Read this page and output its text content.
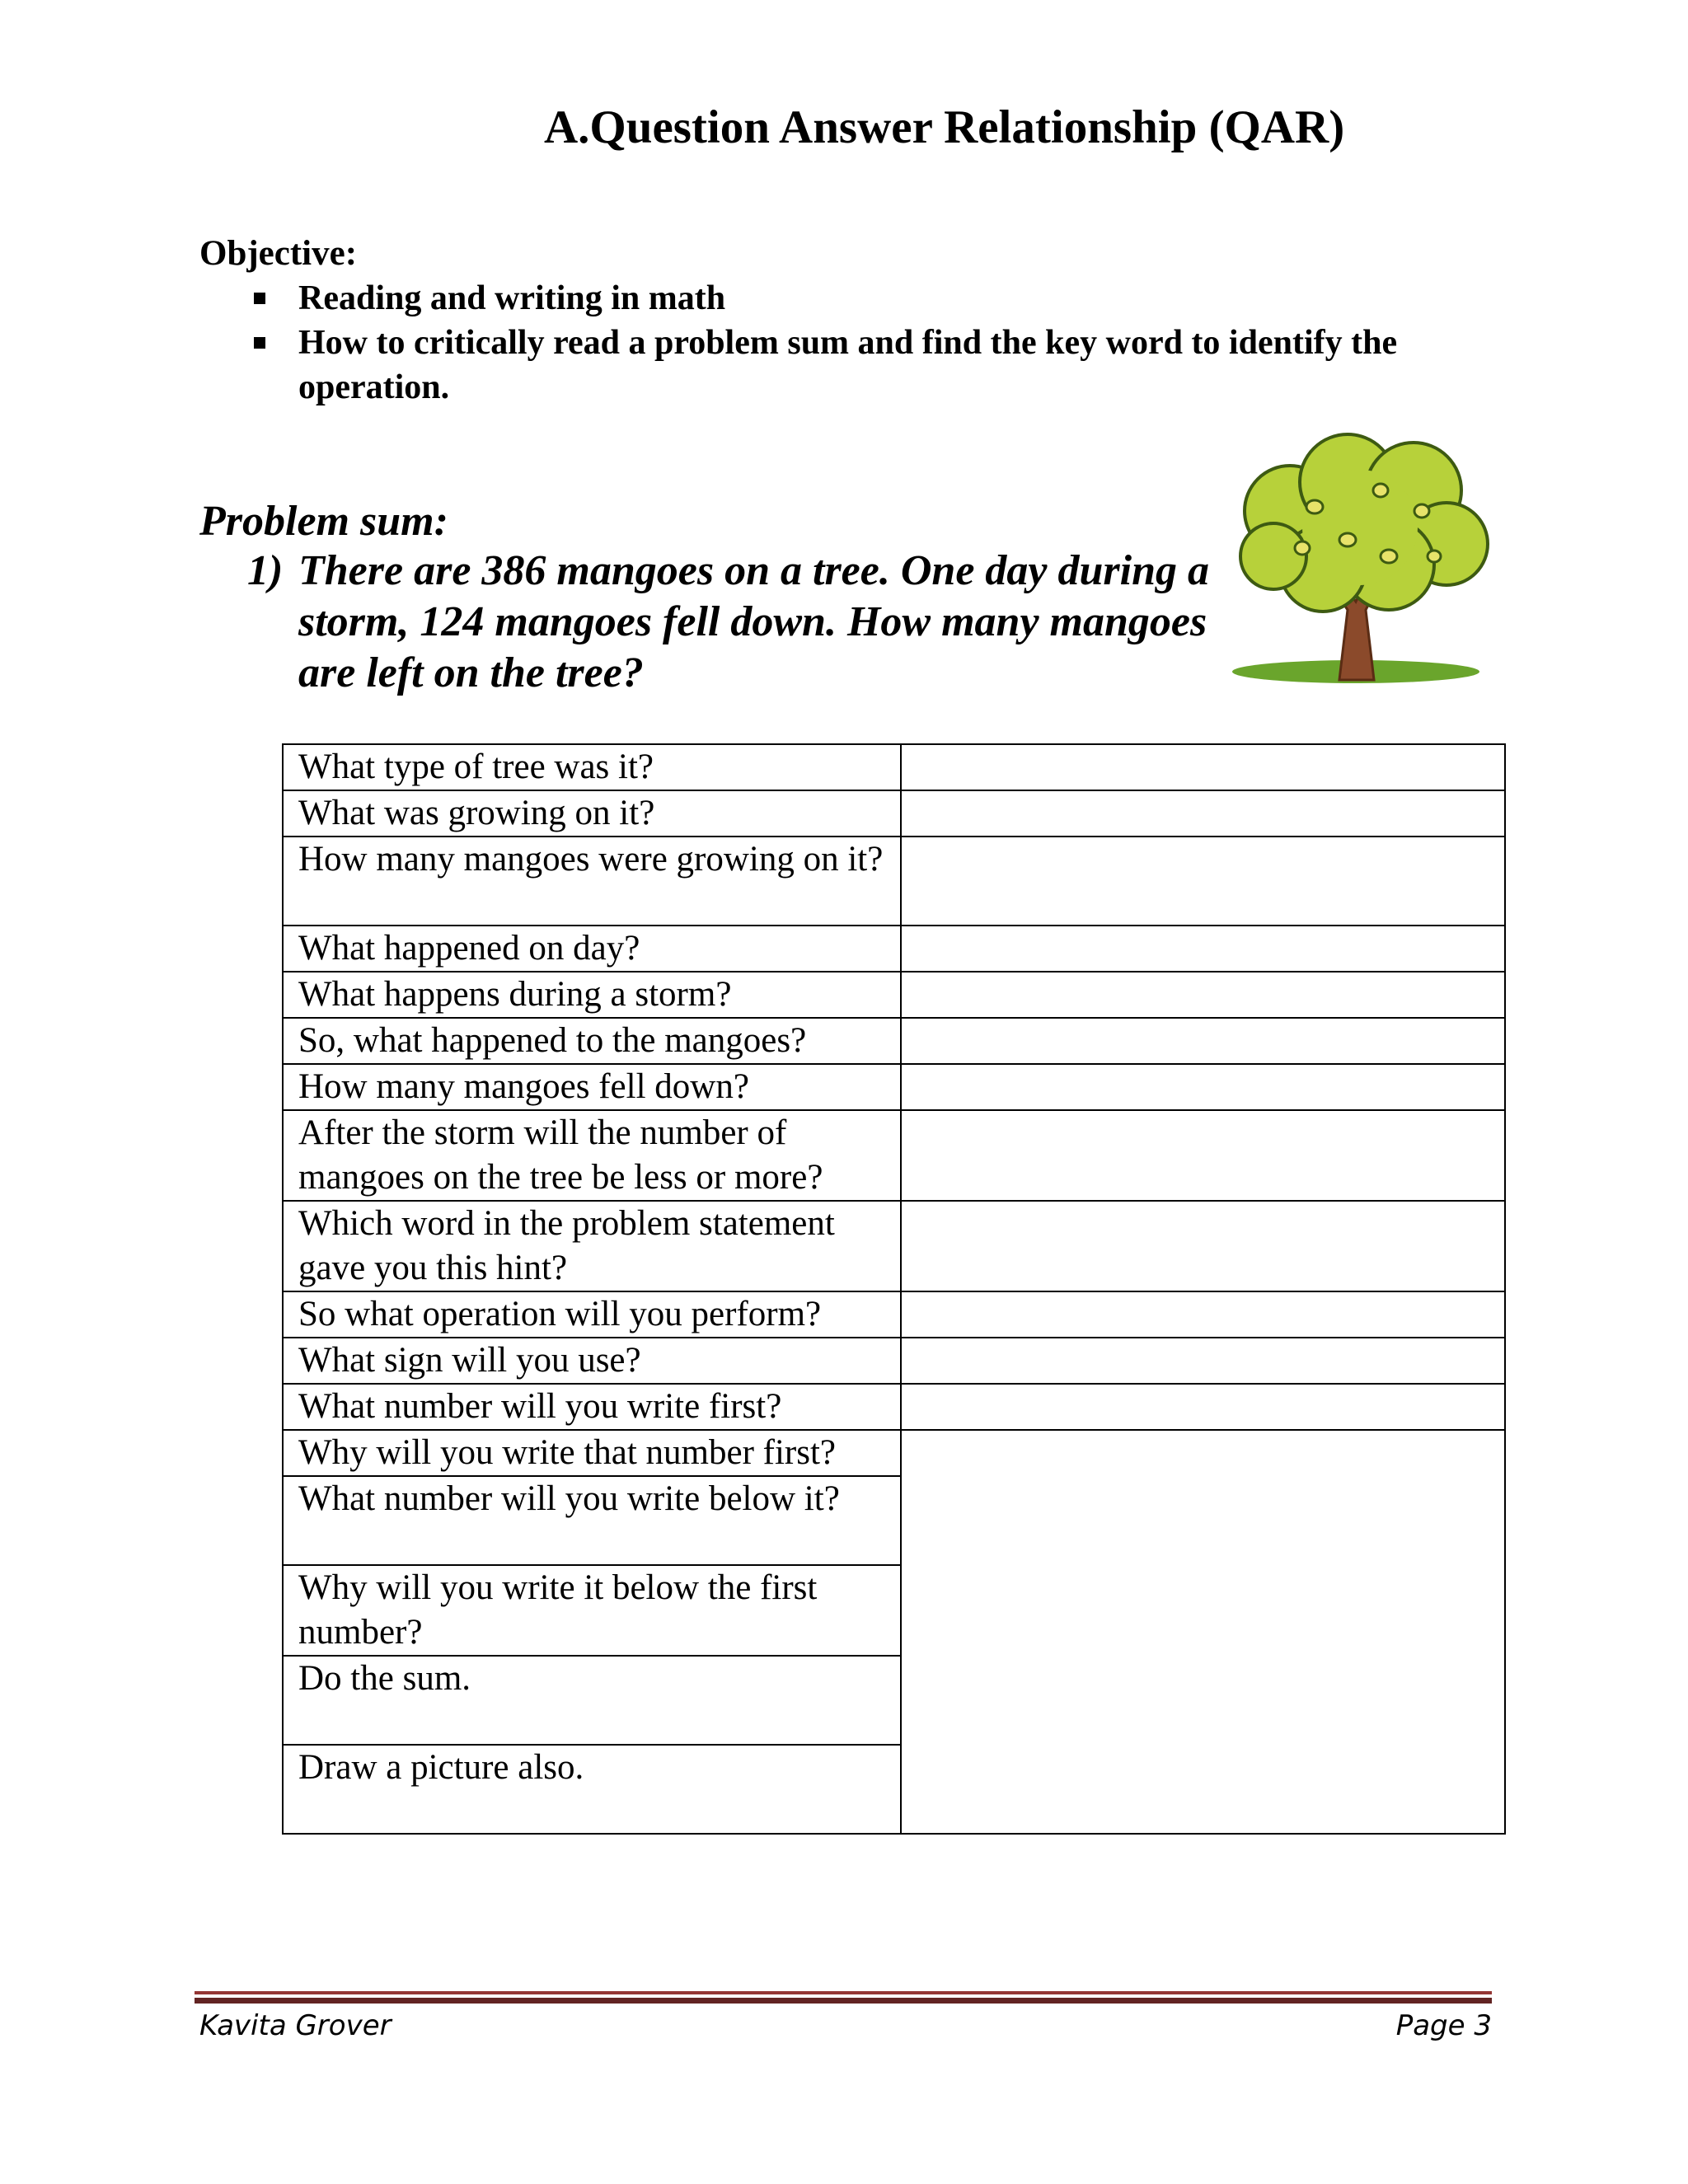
A.Question Answer Relationship (QAR)
Objective:
Reading and writing in math
How to critically read a problem sum and find the key word to identify the operation.
Problem sum:
1) There are 386 mangoes on a tree. One day during a storm, 124 mangoes fell down. How many mangoes are left on the tree?
What type of tree was it?	
What was growing on it?	
How many mangoes were growing on it?	
What happened on day?	
What happens during a storm?	
So, what happened to the mangoes?	
How many mangoes fell down?	
After the storm will the number of mangoes on the tree be less or more?	
Which word in the problem statement gave you this hint?	
So what operation will you perform?	
What sign will you use?	
What number will you write first?	
Why will you write that number first?	
What number will you write below it?	
Why will you write it below the first number?	
Do the sum.	
Draw a picture also.	
Kavita Grover	Page 3
